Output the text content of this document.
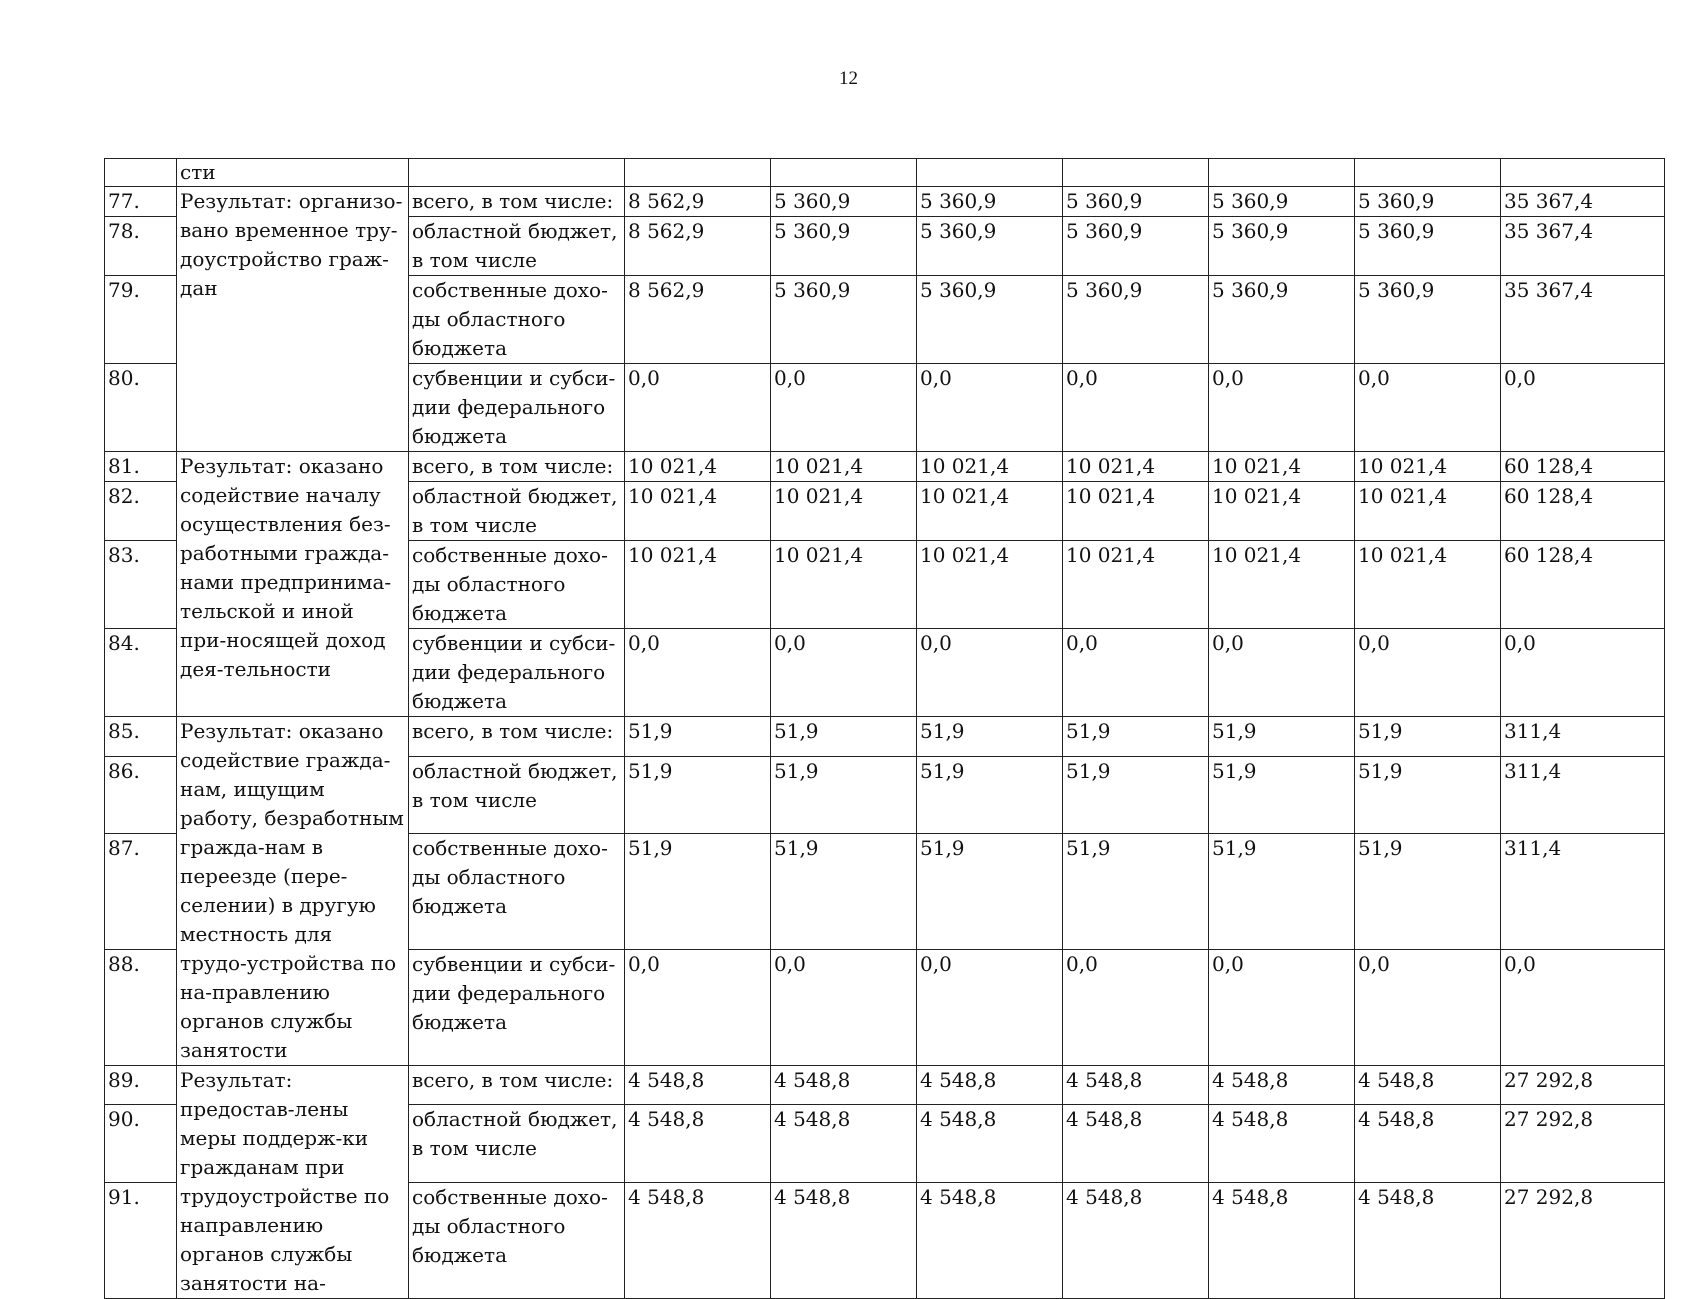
12
	сти								
77.	Результат: организо-вано временное тру-доустройство граж-дан	всего, в том числе:	8 562,9	5 360,9	5 360,9	5 360,9	5 360,9	5 360,9	35 367,4
78.		областной бюджет, в том числе	8 562,9	5 360,9	5 360,9	5 360,9	5 360,9	5 360,9	35 367,4
79.		собственные дохо-ды областного бюджета	8 562,9	5 360,9	5 360,9	5 360,9	5 360,9	5 360,9	35 367,4
80.		субвенции и субси-дии федерального бюджета	0,0	0,0	0,0	0,0	0,0	0,0	0,0
81.	Результат: оказано содействие началу осуществления без-работными гражда-нами предпринима-тельской и иной при-носящей доход дея-тельности	всего, в том числе:	10 021,4	10 021,4	10 021,4	10 021,4	10 021,4	10 021,4	60 128,4
82.		областной бюджет, в том числе	10 021,4	10 021,4	10 021,4	10 021,4	10 021,4	10 021,4	60 128,4
83.		собственные дохо-ды областного бюджета	10 021,4	10 021,4	10 021,4	10 021,4	10 021,4	10 021,4	60 128,4
84.		субвенции и субси-дии федерального бюджета	0,0	0,0	0,0	0,0	0,0	0,0	0,0
85.	Результат: оказано содействие гражда-нам, ищущим работу, безработным гражда-нам в переезде (пере-селении) в другую местность для трудо-устройства по на-правлению органов службы занятости	всего, в том числе:	51,9	51,9	51,9	51,9	51,9	51,9	311,4
86.		областной бюджет, в том числе	51,9	51,9	51,9	51,9	51,9	51,9	311,4
87.		собственные дохо-ды областного бюджета	51,9	51,9	51,9	51,9	51,9	51,9	311,4
88.		субвенции и субси-дии федерального бюджета	0,0	0,0	0,0	0,0	0,0	0,0	0,0
89.	Результат: предостав-лены меры поддерж-ки гражданам при трудоустройстве по направлению органов службы занятости на-	всего, в том числе:	4 548,8	4 548,8	4 548,8	4 548,8	4 548,8	4 548,8	27 292,8
90.		областной бюджет, в том числе	4 548,8	4 548,8	4 548,8	4 548,8	4 548,8	4 548,8	27 292,8
91.		собственные дохо-ды областного бюджета	4 548,8	4 548,8	4 548,8	4 548,8	4 548,8	4 548,8	27 292,8
